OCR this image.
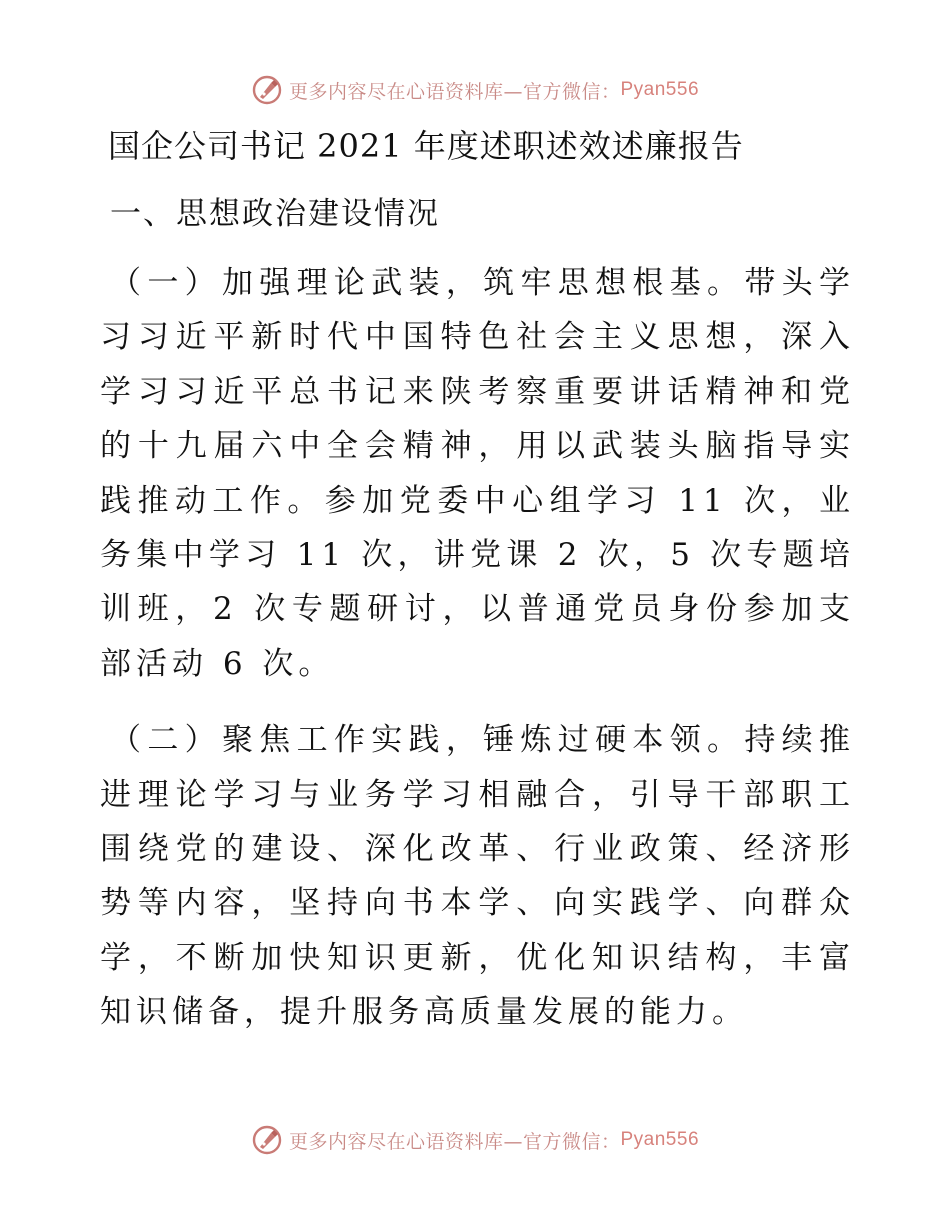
更多内容尽在心语资料库—官方微信： Pyan556
国企公司书记 2021 年度述职述效述廉报告
一、思想政治建设情况

（一）加强理论武装，筑牢思想根基。带头学习习近平新时代中国特色社会主义思想，深入学习习近平总书记来陕考察重要讲话精神和党的十九届六中全会精神，用以武装头脑指导实践推动工作。参加党委中心组学习 11 次，业务集中学习 11 次，讲党课 2 次，5 次专题培训班，2 次专题研讨，以普通党员身份参加支部活动 6 次。

（二）聚焦工作实践，锤炼过硬本领。持续推进理论学习与业务学习相融合，引导干部职工围绕党的建设、深化改革、行业政策、经济形势等内容，坚持向书本学、向实践学、向群众学，不断加快知识更新，优化知识结构，丰富知识储备，提升服务高质量发展的能力。

更多内容尽在心语资料库—官方微信： Pyan556
